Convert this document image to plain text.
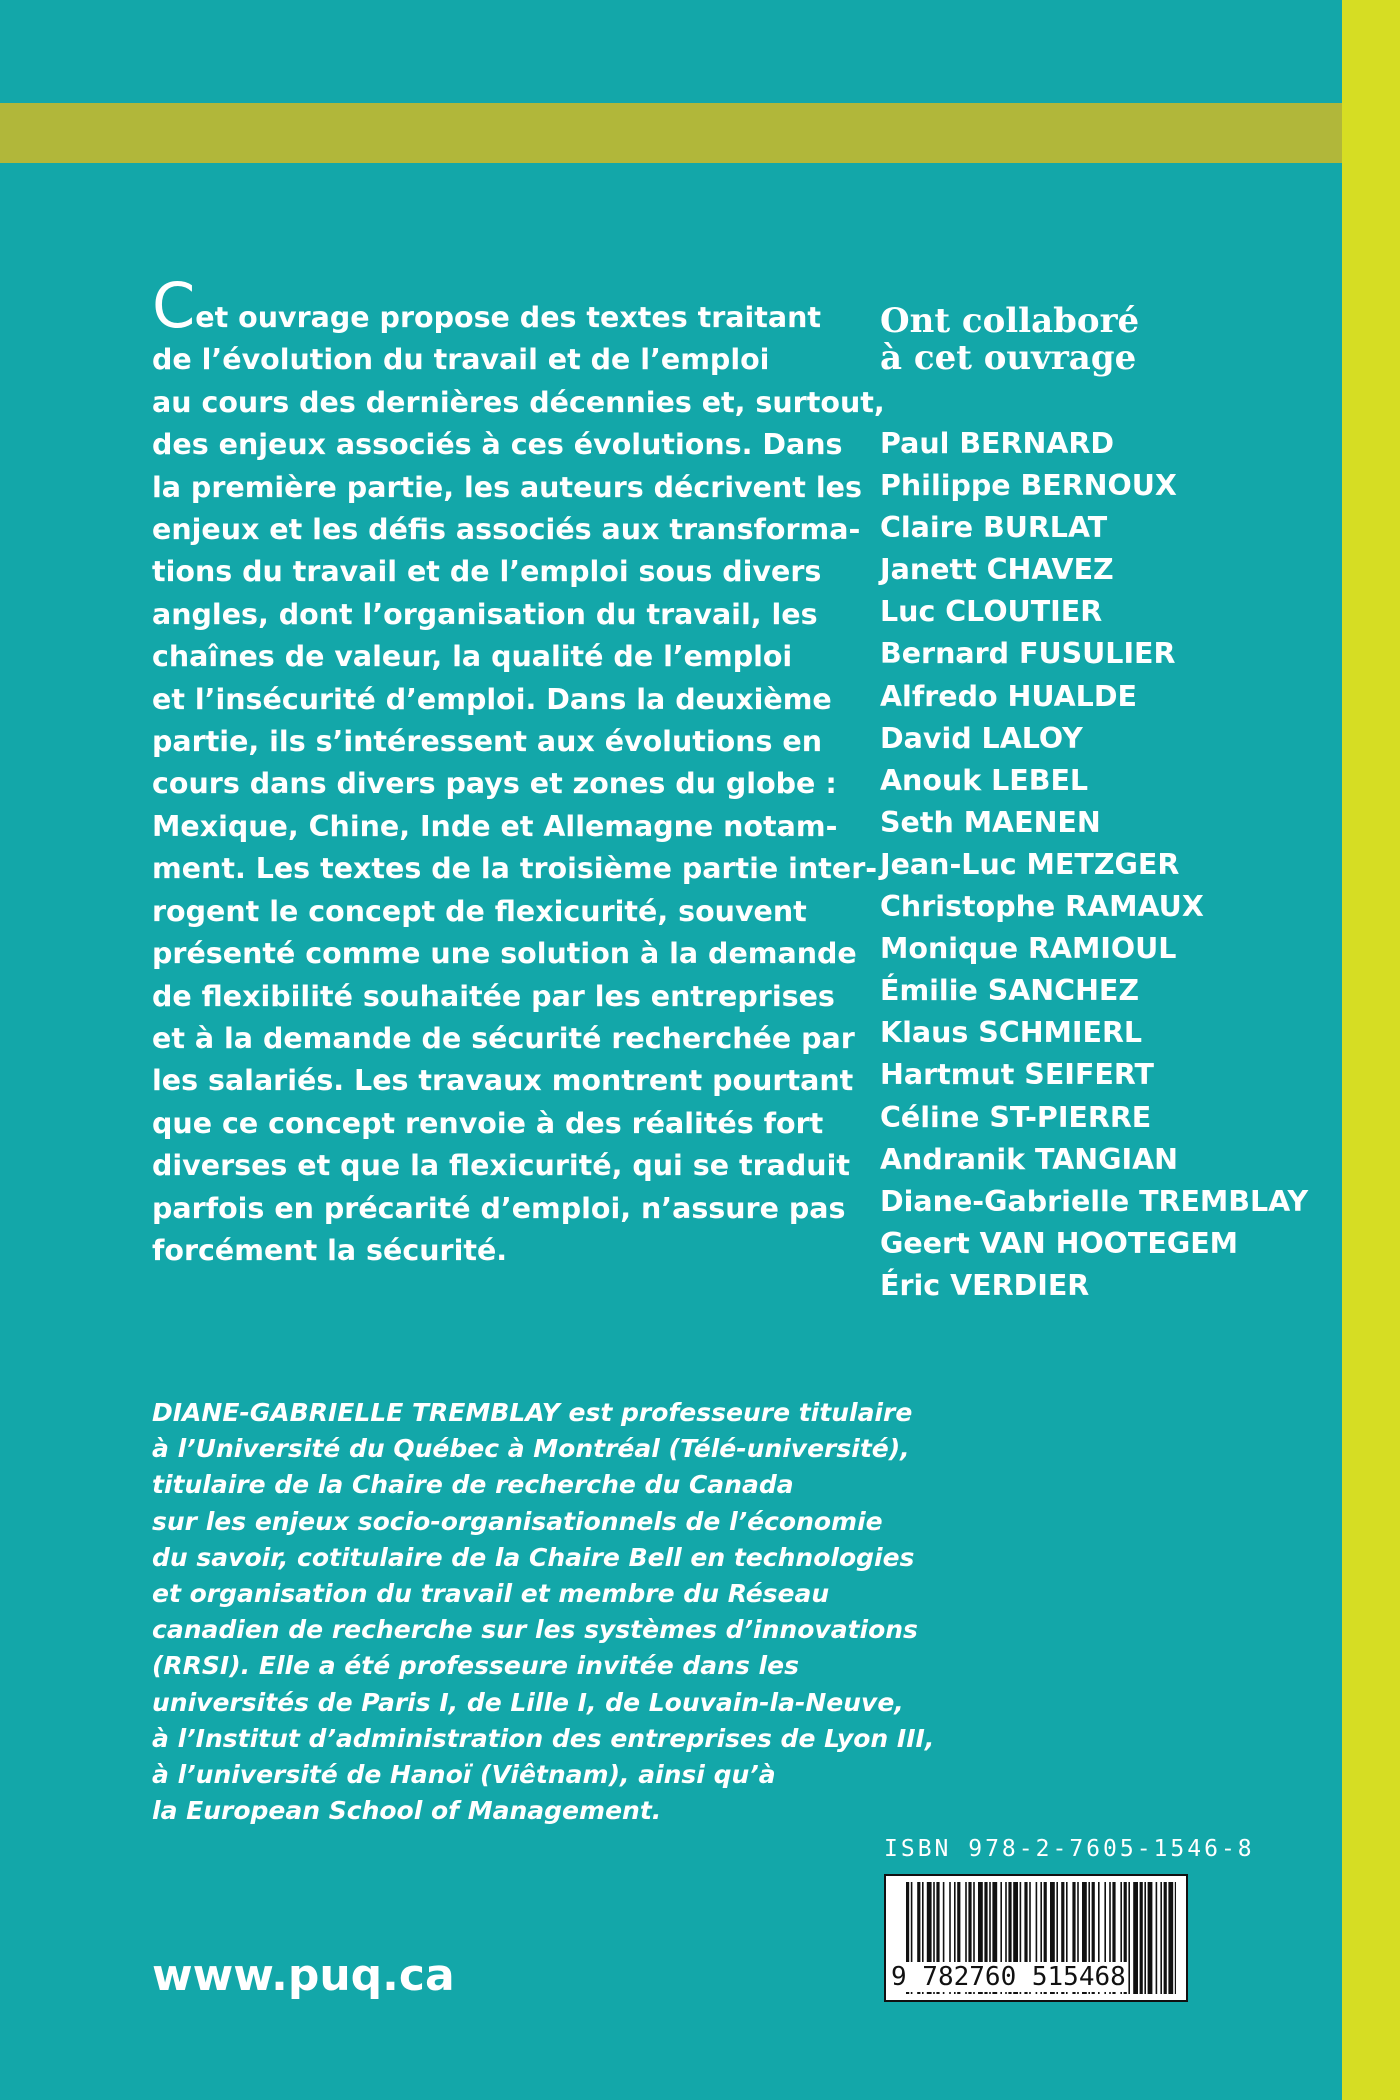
Cet ouvrage propose des textes traitant
de l’évolution du travail et de l’emploi
au cours des dernières décennies et, surtout,
des enjeux associés à ces évolutions. Dans
la première partie, les auteurs décrivent les
enjeux et les défis associés aux transforma-
tions du travail et de l’emploi sous divers
angles, dont l’organisation du travail, les
chaînes de valeur, la qualité de l’emploi
et l’insécurité d’emploi. Dans la deuxième
partie, ils s’intéressent aux évolutions en
cours dans divers pays et zones du globe :
Mexique, Chine, Inde et Allemagne notam-
ment. Les textes de la troisième partie inter-
rogent le concept de flexicurité, souvent
présenté comme une solution à la demande
de flexibilité souhaitée par les entreprises
et à la demande de sécurité recherchée par
les salariés. Les travaux montrent pourtant
que ce concept renvoie à des réalités fort
diverses et que la flexicurité, qui se traduit
parfois en précarité d’emploi, n’assure pas
forcément la sécurité.
DIANE-GABRIELLE TREMBLAY est professeure titulaire
à l’Université du Québec à Montréal (Télé-université),
titulaire de la Chaire de recherche du Canada
sur les enjeux socio-organisationnels de l’économie
du savoir, cotitulaire de la Chaire Bell en technologies
et organisation du travail et membre du Réseau
canadien de recherche sur les systèmes d’innovations
(RRSI). Elle a été professeure invitée dans les
universités de Paris I, de Lille I, de Louvain-la-Neuve,
à l’Institut d’administration des entreprises de Lyon III,
à l’université de Hanoï (Viêtnam), ainsi qu’à
la European School of Management.
Ont collaboré
à cet ouvrage
Paul BERNARD
Philippe BERNOUX
Claire BURLAT
Janett CHAVEZ
Luc CLOUTIER
Bernard FUSULIER
Alfredo HUALDE
David LALOY
Anouk LEBEL
Seth MAENEN
Jean-Luc METZGER
Christophe RAMAUX
Monique RAMIOUL
Émilie SANCHEZ
Klaus SCHMIERL
Hartmut SEIFERT
Céline ST-PIERRE
Andranik TANGIAN
Diane-Gabrielle TREMBLAY
Geert VAN HOOTEGEM
Éric VERDIER
www.puq.ca
ISBN 978-2-7605-1546-8
9 782760 515468
